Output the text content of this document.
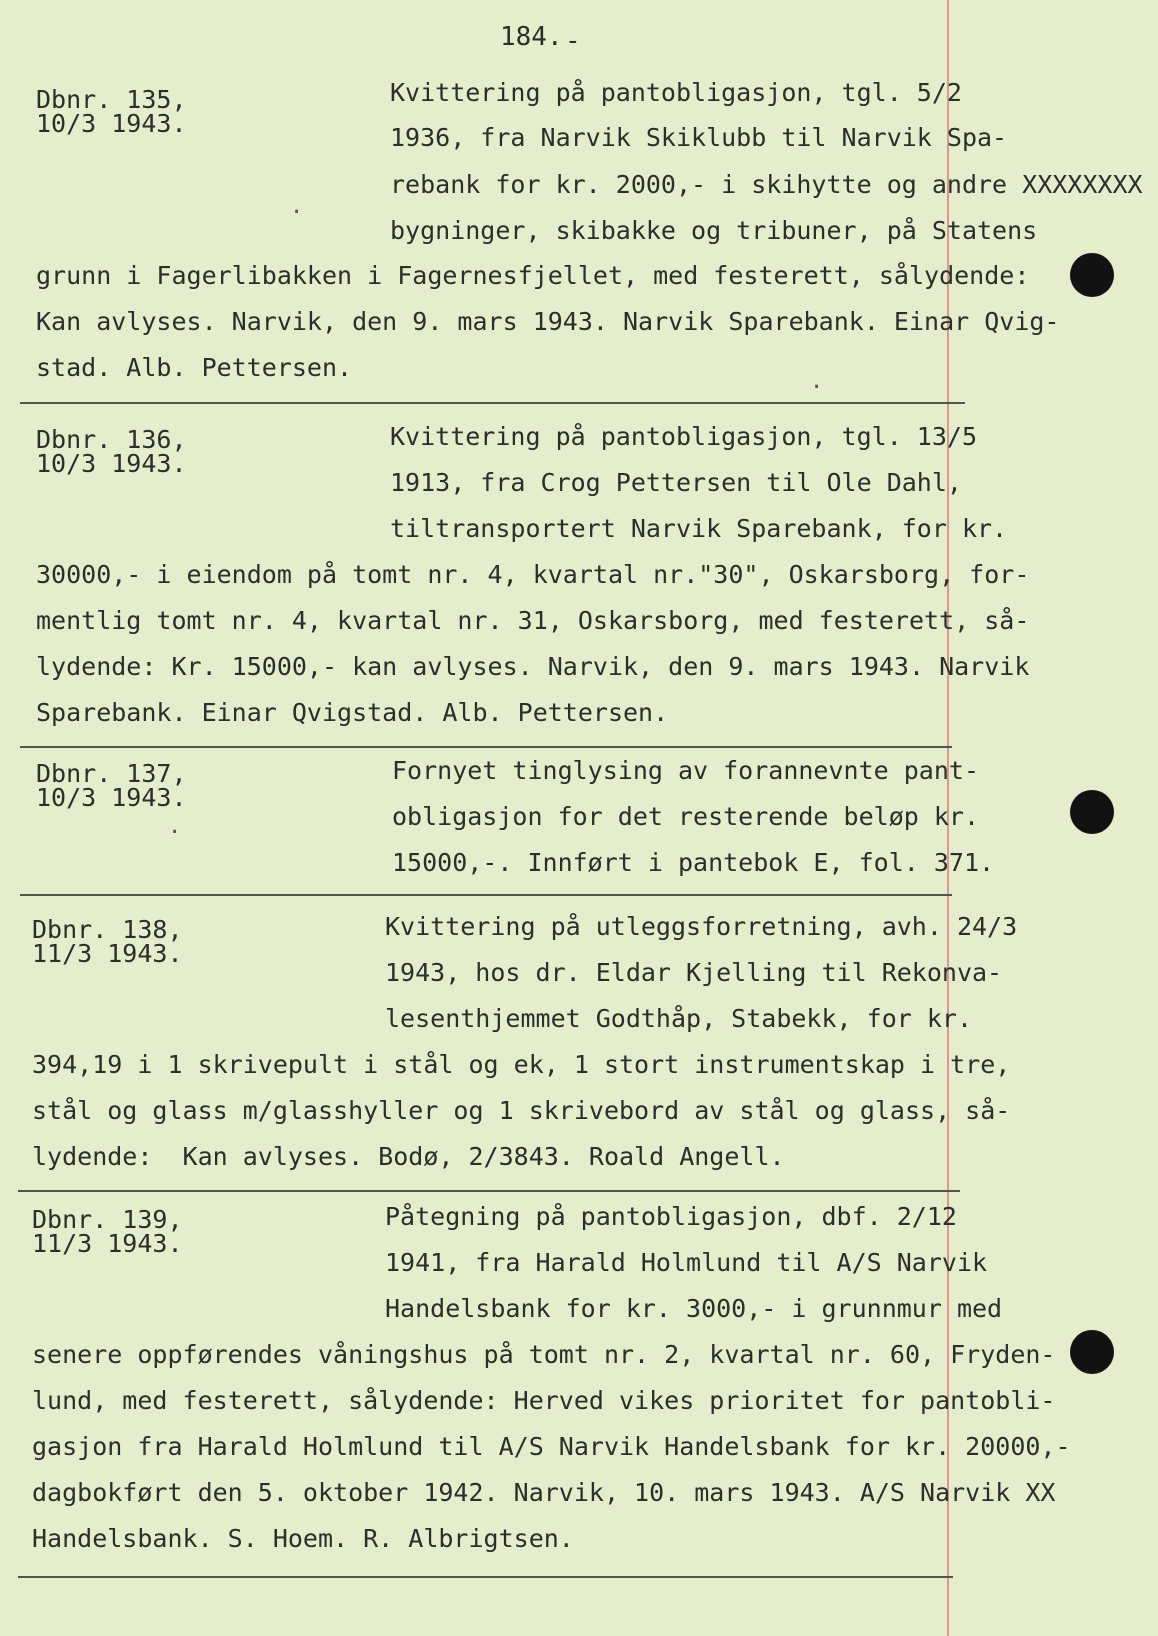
184. -
·
·
·
Dbnr. 135,
10/3 1943.
Kvittering på pantobligasjon, tgl. 5/2
1936, fra Narvik Skiklubb til Narvik Spa-
rebank for kr. 2000,- i skihytte og andre XXXXXXXX
bygninger, skibakke og tribuner, på Statens
grunn i Fagerlibakken i Fagernesfjellet, med festerett, sålydende:
Kan avlyses. Narvik, den 9. mars 1943. Narvik Sparebank. Einar Qvig-
stad. Alb. Pettersen.
Dbnr. 136,
10/3 1943.
Kvittering på pantobligasjon, tgl. 13/5
1913, fra Crog Pettersen til Ole Dahl,
tiltransportert Narvik Sparebank, for kr.
30000,- i eiendom på tomt nr. 4, kvartal nr."30", Oskarsborg, for-
mentlig tomt nr. 4, kvartal nr. 31, Oskarsborg, med festerett, så-
lydende: Kr. 15000,- kan avlyses. Narvik, den 9. mars 1943. Narvik
Sparebank. Einar Qvigstad. Alb. Pettersen.
Dbnr. 137,
10/3 1943.
Fornyet tinglysing av forannevnte pant-
obligasjon for det resterende beløp kr.
15000,-. Innført i pantebok E, fol. 371.
Dbnr. 138,
11/3 1943.
Kvittering på utleggsforretning, avh. 24/3
1943, hos dr. Eldar Kjelling til Rekonva-
lesenthjemmet Godthåp, Stabekk, for kr.
394,19 i 1 skrivepult i stål og ek, 1 stort instrumentskap i tre,
stål og glass m/glasshyller og 1 skrivebord av stål og glass, så-
lydende:  Kan avlyses. Bodø, 2/3843. Roald Angell.
Dbnr. 139,
11/3 1943.
Påtegning på pantobligasjon, dbf. 2/12
1941, fra Harald Holmlund til A/S Narvik
Handelsbank for kr. 3000,- i grunnmur med
senere oppførendes våningshus på tomt nr. 2, kvartal nr. 60, Fryden-
lund, med festerett, sålydende: Herved vikes prioritet for pantobli-
gasjon fra Harald Holmlund til A/S Narvik Handelsbank for kr. 20000,-
dagbokført den 5. oktober 1942. Narvik, 10. mars 1943. A/S Narvik XX
Handelsbank. S. Hoem. R. Albrigtsen.
